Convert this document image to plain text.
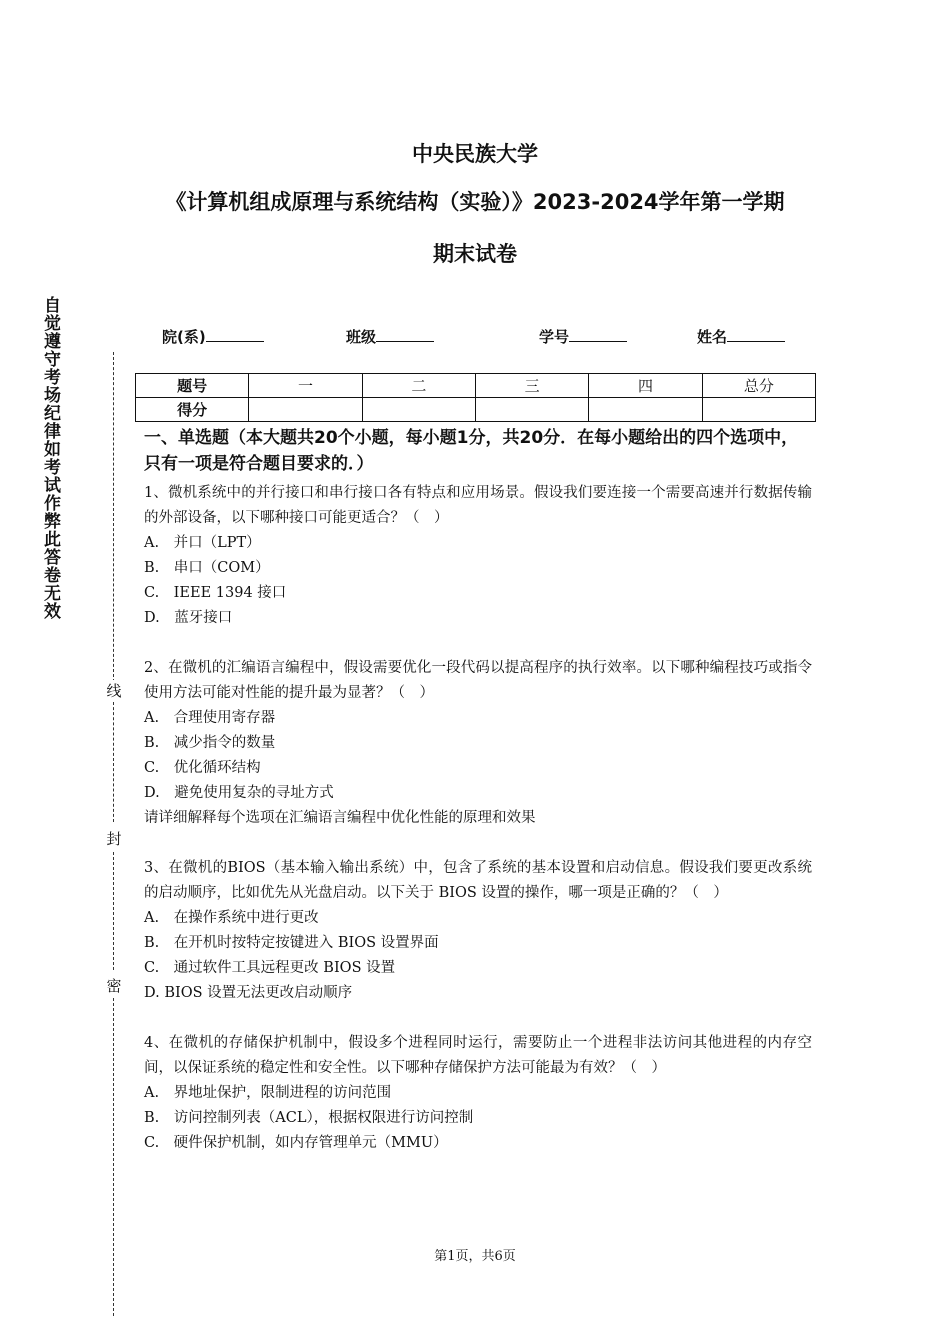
中央民族大学
《计算机组成原理与系统结构（实验）》2023-2024学年第一学期
期末试卷
自觉遵守考场纪律如考试作弊此答卷无效
线
封
密
院(系)	班级	学号	姓名
题号	一	二	三	四	总分
得分					
一、单选题（本大题共20个小题，每小题1分，共20分．在每小题给出的四个选项中，只有一项是符合题目要求的．）
1、微机系统中的并行接口和串行接口各有特点和应用场景。假设我们要连接一个需要高速并行数据传输的外部设备，以下哪种接口可能更适合？（　）
A.　并口（LPT）
B.　串口（COM）
C.　IEEE 1394 接口
D.　蓝牙接口
2、在微机的汇编语言编程中，假设需要优化一段代码以提高程序的执行效率。以下哪种编程技巧或指令使用方法可能对性能的提升最为显著？（　）
A.　合理使用寄存器
B.　减少指令的数量
C.　优化循环结构
D.　避免使用复杂的寻址方式
请详细解释每个选项在汇编语言编程中优化性能的原理和效果
3、在微机的BIOS（基本输入输出系统）中，包含了系统的基本设置和启动信息。假设我们要更改系统的启动顺序，比如优先从光盘启动。以下关于 BIOS 设置的操作，哪一项是正确的？（　）
A.　在操作系统中进行更改
B.　在开机时按特定按键进入 BIOS 设置界面
C.　通过软件工具远程更改 BIOS 设置
D. BIOS 设置无法更改启动顺序
4、在微机的存储保护机制中，假设多个进程同时运行，需要防止一个进程非法访问其他进程的内存空间，以保证系统的稳定性和安全性。以下哪种存储保护方法可能最为有效？（　）
A.　界地址保护，限制进程的访问范围
B.　访问控制列表（ACL），根据权限进行访问控制
C.　硬件保护机制，如内存管理单元（MMU）
第1页，共6页
